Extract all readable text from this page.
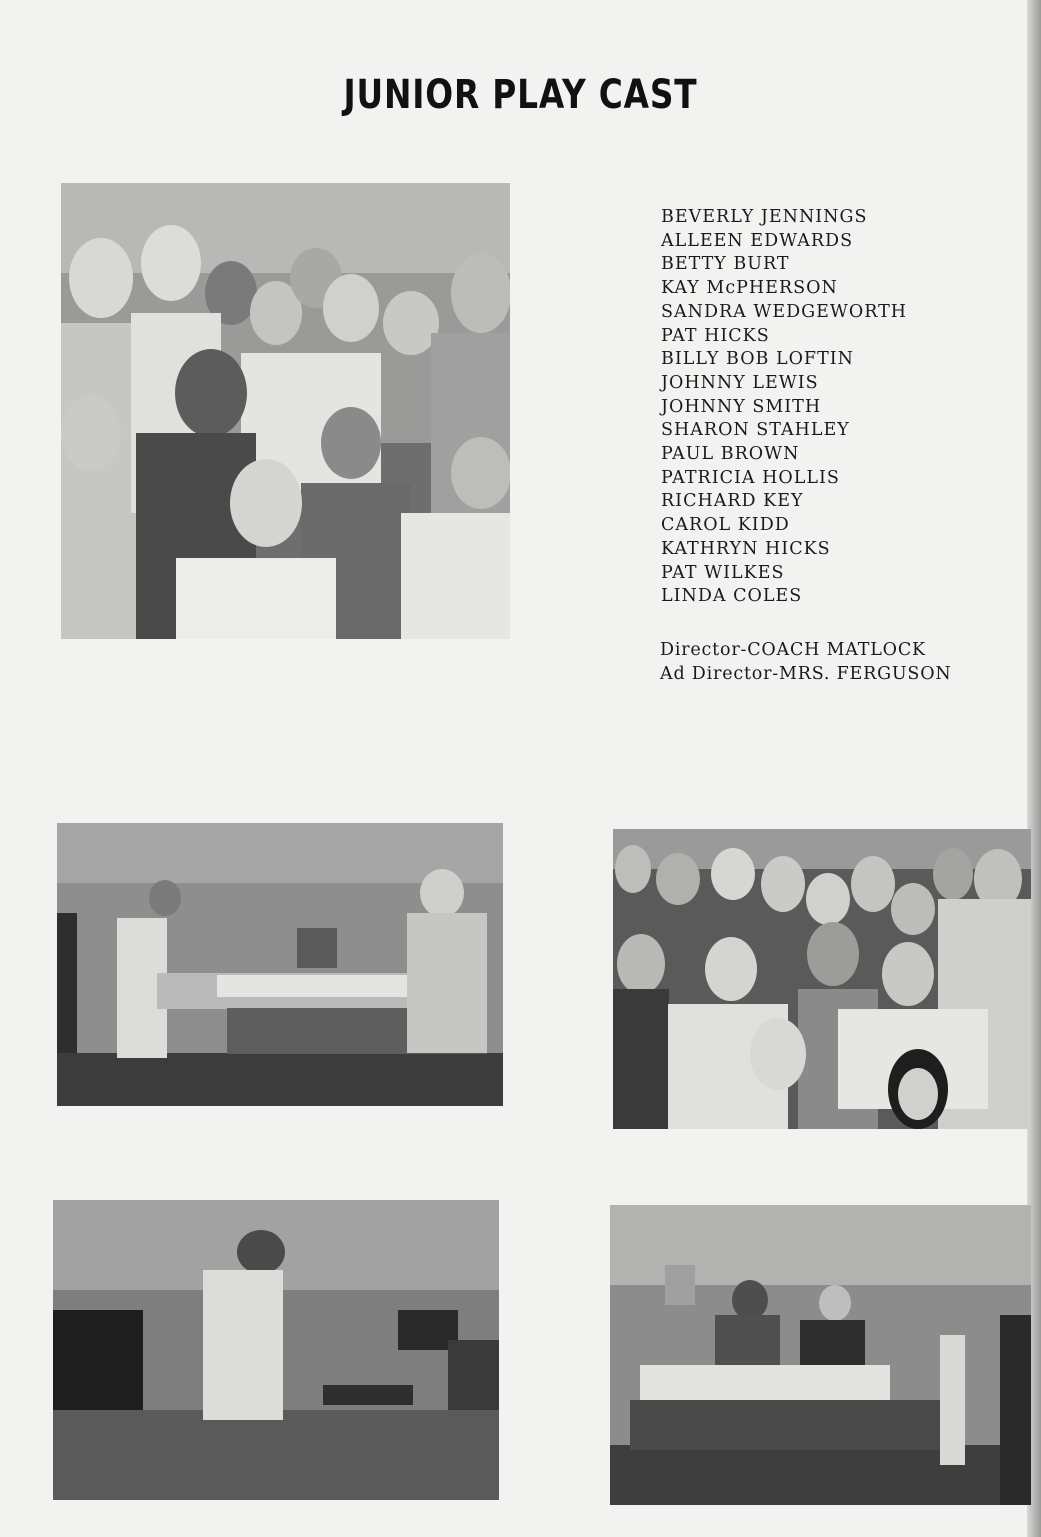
JUNIOR PLAY CAST
BEVERLY JENNINGS
ALLEEN EDWARDS
BETTY BURT
KAY McPHERSON
SANDRA WEDGEWORTH
PAT HICKS
BILLY BOB LOFTIN
JOHNNY LEWIS
JOHNNY SMITH
SHARON STAHLEY
PAUL BROWN
PATRICIA HOLLIS
RICHARD KEY
CAROL KIDD
KATHRYN HICKS
PAT WILKES
LINDA COLES
Director-COACH MATLOCK
Ad Director-MRS. FERGUSON
